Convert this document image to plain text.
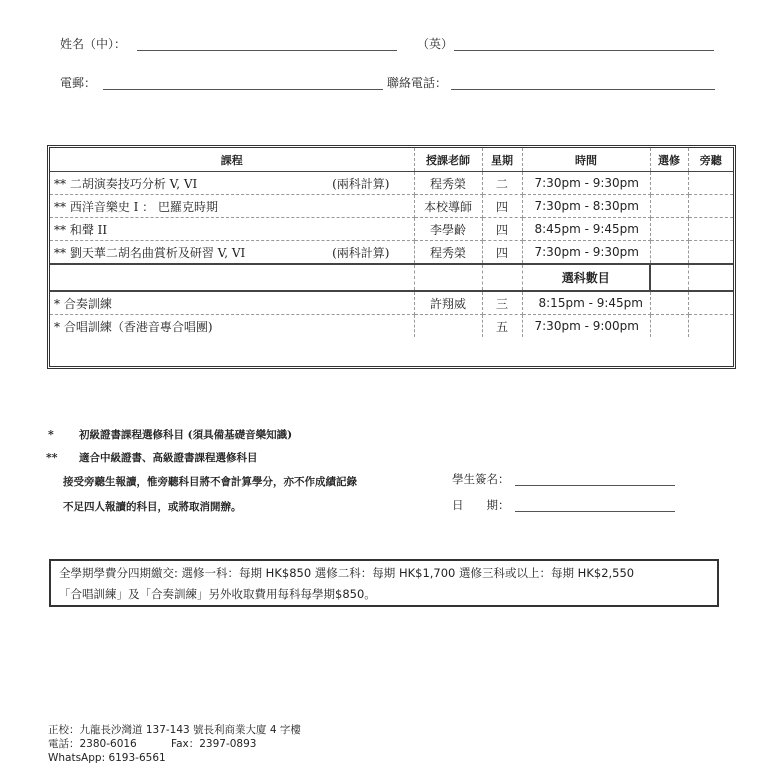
姓名（中）：	（英）
電郵：	聯絡電話：
課程	授課老師	星期	時間	選修	旁聽
** 二胡演奏技巧分析 V, VI (兩科計算)	程秀榮	二	7:30pm - 9:30pm		
** 西洋音樂史 I ： 巴羅克時期	本校導師	四	7:30pm - 8:30pm		
** 和聲 II	李學齡	四	8:45pm - 9:45pm		
** 劉天華二胡名曲賞析及研習 V, VI (兩科計算)	程秀榮	四	7:30pm - 9:30pm		
			選科數目		
* 合奏訓練	許翔威	三	8:15pm - 9:45pm		
* 合唱訓練（香港音專合唱團)		五	7:30pm - 9:00pm		
* 初級證書課程選修科目 (須具備基礎音樂知識)
** 適合中級證書、高級證書課程選修科目
接受旁聽生報讀，惟旁聽科目將不會計算學分，亦不作成績記錄
不足四人報讀的科目，或將取消開辦。
學生簽名：
日　　期：
全學期學費分四期繳交: 選修一科：每期 HK$850 選修二科：每期 HK$1,700 選修三科或以上：每期 HK$2,550
「合唱訓練」及「合奏訓練」另外收取費用每科每學期$850。
正校：九龍長沙灣道 137-143 號長利商業大廈 4 字樓
電話：2380-6016	Fax：2397-0893
WhatsApp: 6193-6561
